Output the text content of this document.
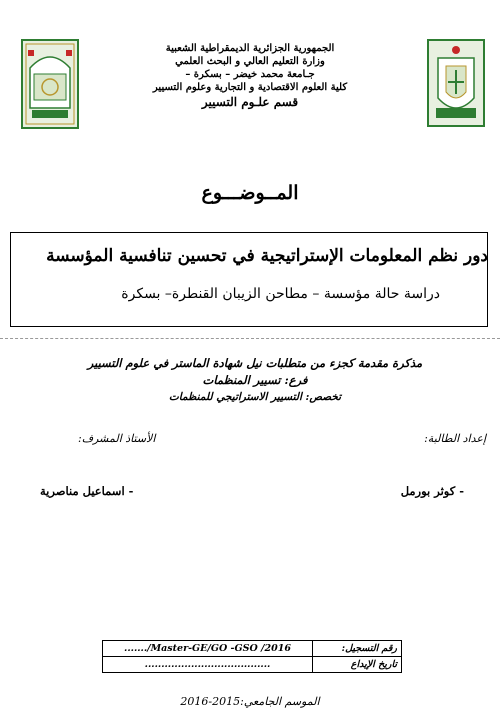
الجمهورية الجزائرية الديمقراطية الشعبية
وزارة التعليم العالي و البحث العلمي
جـامعة محمد خيضر – بسكرة –
كلية العلوم الاقتصادية و التجارية وعلوم التسيير
قسم علـوم التسيير
المــوضـــوع
دور نظم المعلومات الإستراتيجية في تحسين تنافسية المؤسسة
دراسة حالة مؤسسة – مطاحن الزيبان القنطرة– بسكرة
مذكرة مقدمة كجزء من متطلبات نيل شهادة الماستر في علوم التسيير
فرع: تسيير المنظمات
تخصص: التسيير الاستراتيجي للمنظمات
إعداد الطالبة:
الأستاذ المشرف:
- كوثر بورمل
- اسماعيل مناصرية
......./Master-GE/GO -GSO /2016	رقم التسجيل:
......................................	تاريخ الإيداع
الموسم الجامعي:2015-2016
